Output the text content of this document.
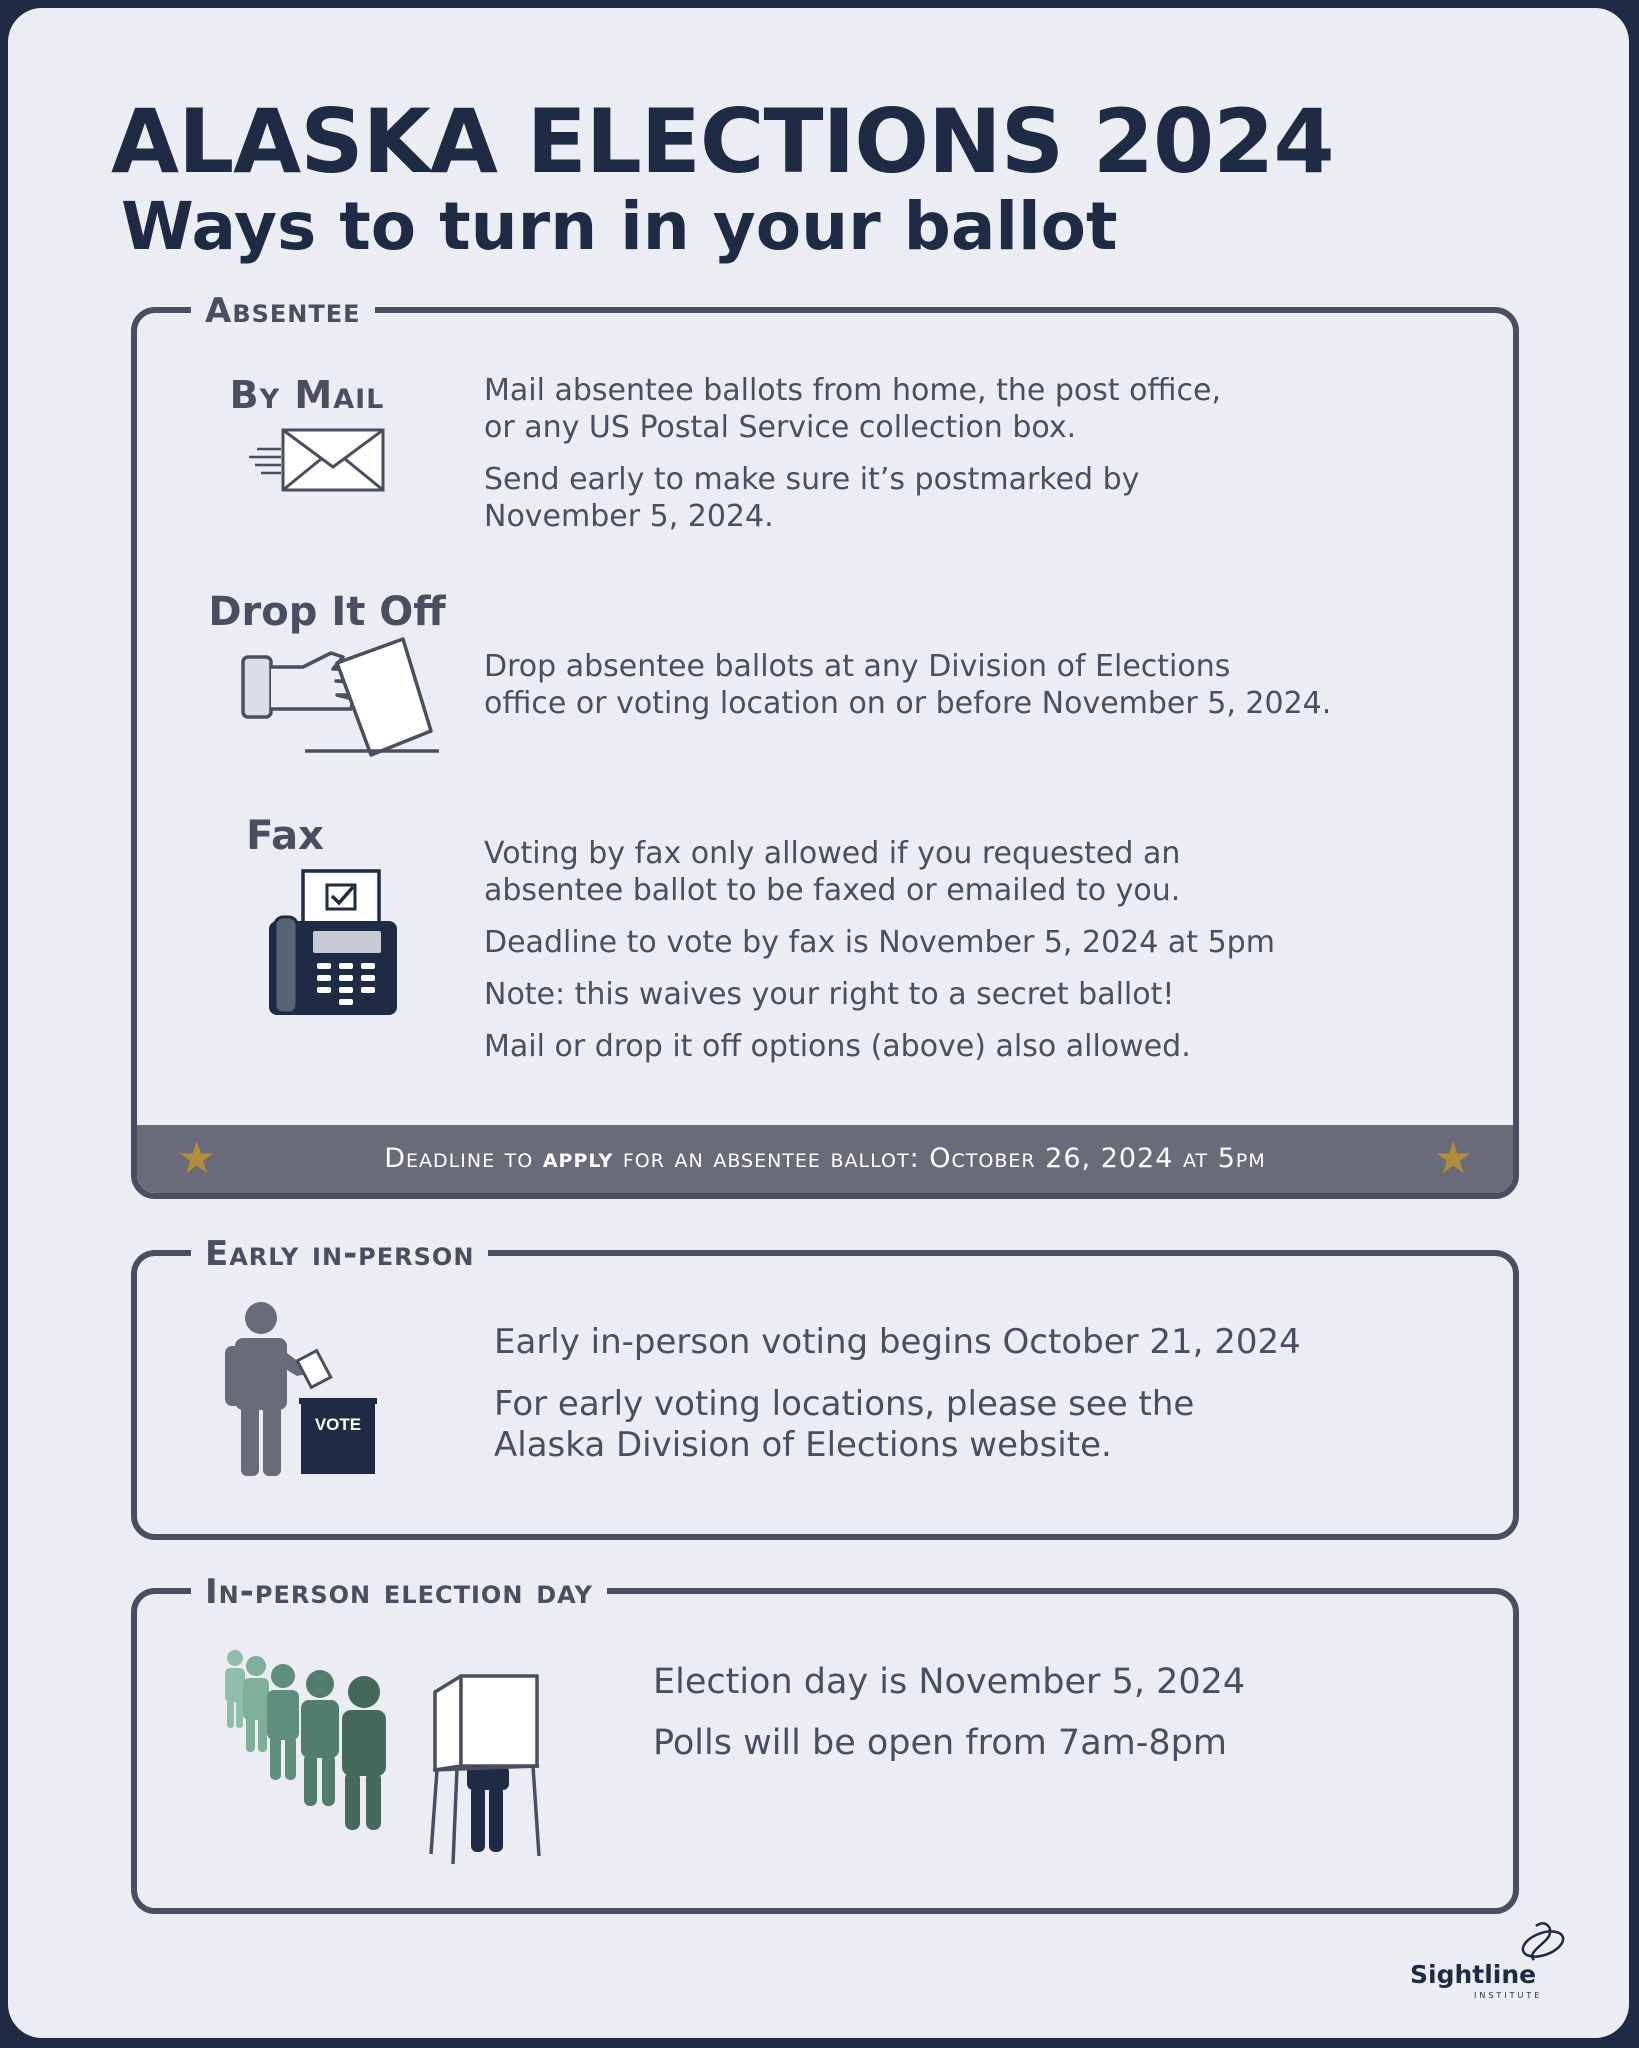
ALASKA ELECTIONS 2024
Ways to turn in your ballot
Absentee
By Mail	Mail absentee ballots from home, the post office,

or any US Postal Service collection box.

Send early to make sure it’s postmarked by

November 5, 2024.

Drop It Off

Drop absentee ballots at any Division of Elections

office or voting location on or before November 5, 2024.

Fax	Voting by fax only allowed if you requested an

absentee ballot to be faxed or emailed to you.

Deadline to vote by fax is November 5, 2024 at 5pm

Note: this waives your right to a secret ballot!

Mail or drop it off options (above) also allowed.

★	Deadline to apply for an absentee ballot: October 26, 2024 at 5pm	★
Early in-person
VOTE

Early in-person voting begins October 21, 2024

For early voting locations, please see the

Alaska Division of Elections website.

In-person election day

Election day is November 5, 2024

Polls will be open from 7am-8pm

Sightline
INSTITUTE
